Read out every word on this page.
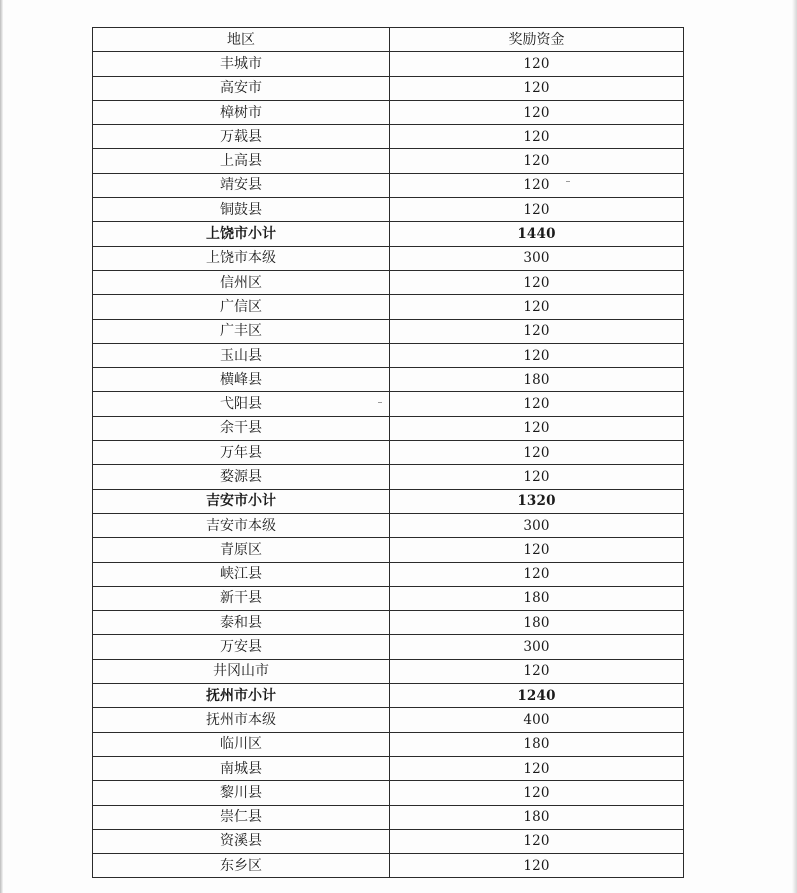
地区	奖励资金
丰城市	120
高安市	120
樟树市	120
万载县	120
上高县	120
靖安县	120
铜鼓县	120
上饶市小计	1440
上饶市本级	300
信州区	120
广信区	120
广丰区	120
玉山县	120
横峰县	180
弋阳县	120
余干县	120
万年县	120
婺源县	120
吉安市小计	1320
吉安市本级	300
青原区	120
峡江县	120
新干县	180
泰和县	180
万安县	300
井冈山市	120
抚州市小计	1240
抚州市本级	400
临川区	180
南城县	120
黎川县	120
崇仁县	180
资溪县	120
东乡区	120
